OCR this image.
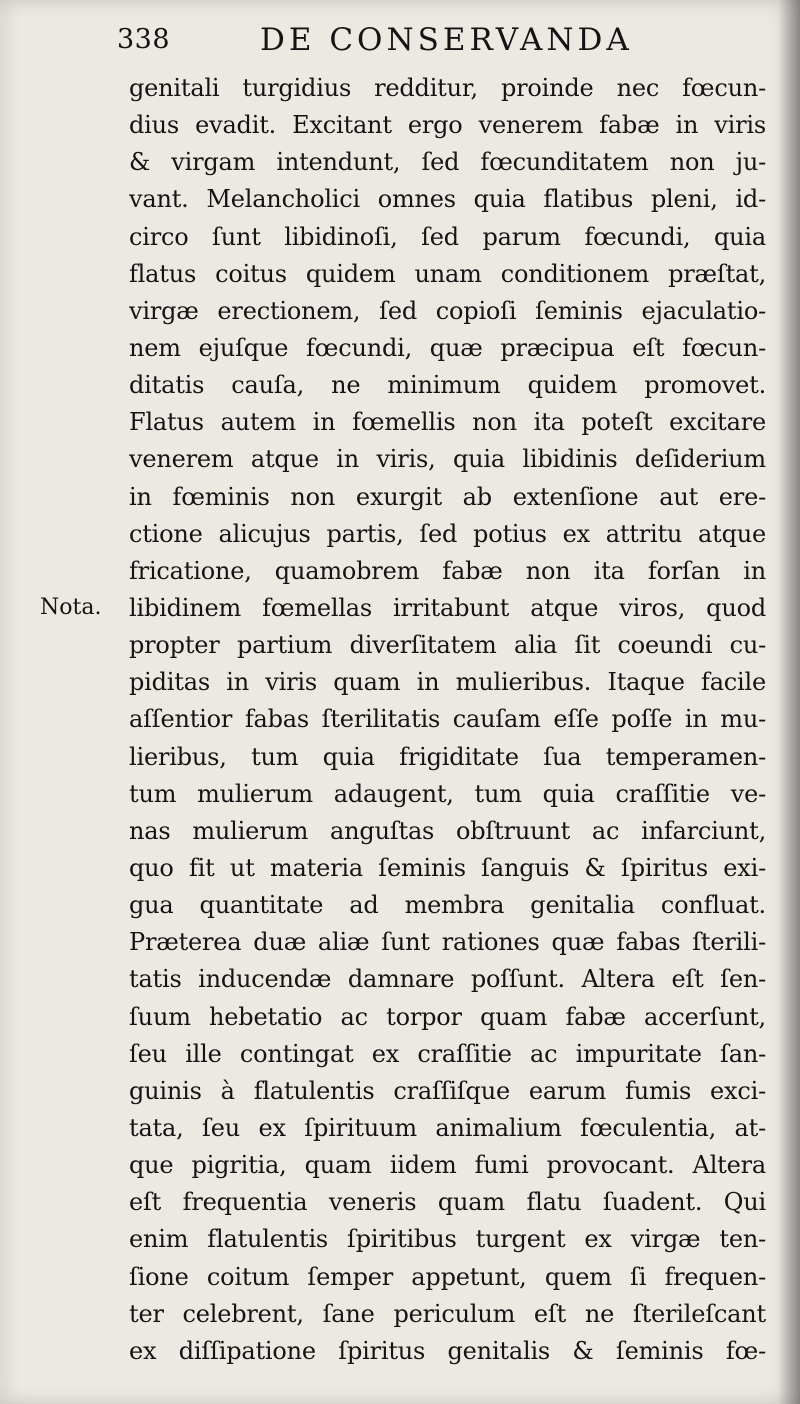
338	DE CONSERVANDA
Nota.
genitali turgidius redditur, proinde nec fœcun-
dius evadit. Excitant ergo venerem fabæ in viris
& virgam intendunt, ſed fœcunditatem non ju-
vant. Melancholici omnes quia flatibus pleni, id-
circo ſunt libidinoſi, ſed parum fœcundi, quia
flatus coitus quidem unam conditionem præſtat,
virgæ erectionem, ſed copioſi ſeminis ejaculatio-
nem ejuſque fœcundi, quæ præcipua eſt fœcun-
ditatis cauſa, ne minimum quidem promovet.
Flatus autem in fœmellis non ita poteſt excitare
venerem atque in viris, quia libidinis deſiderium
in fœminis non exurgit ab extenſione aut ere-
ctione alicujus partis, ſed potius ex attritu atque
fricatione, quamobrem fabæ non ita forſan in
libidinem fœmellas irritabunt atque viros, quod
propter partium diverſitatem alia ſit coeundi cu-
piditas in viris quam in mulieribus. Itaque facile
aſſentior fabas ſterilitatis cauſam eſſe poſſe in mu-
lieribus, tum quia frigiditate ſua temperamen-
tum mulierum adaugent, tum quia craſſitie ve-
nas mulierum anguſtas obſtruunt ac infarciunt,
quo fit ut materia ſeminis ſanguis & ſpiritus exi-
gua quantitate ad membra genitalia confluat.
Præterea duæ aliæ ſunt rationes quæ fabas ſterili-
tatis inducendæ damnare poſſunt. Altera eſt ſen-
ſuum hebetatio ac torpor quam fabæ accerſunt,
ſeu ille contingat ex craſſitie ac impuritate ſan-
guinis à flatulentis craſſiſque earum fumis exci-
tata, ſeu ex ſpirituum animalium fœculentia, at-
que pigritia, quam iidem fumi provocant. Altera
eſt frequentia veneris quam flatu ſuadent. Qui
enim flatulentis ſpiritibus turgent ex virgæ ten-
ſione coitum ſemper appetunt, quem ſi frequen-
ter celebrent, ſane periculum eſt ne ſterileſcant
ex diſſipatione ſpiritus genitalis & ſeminis fœ-
